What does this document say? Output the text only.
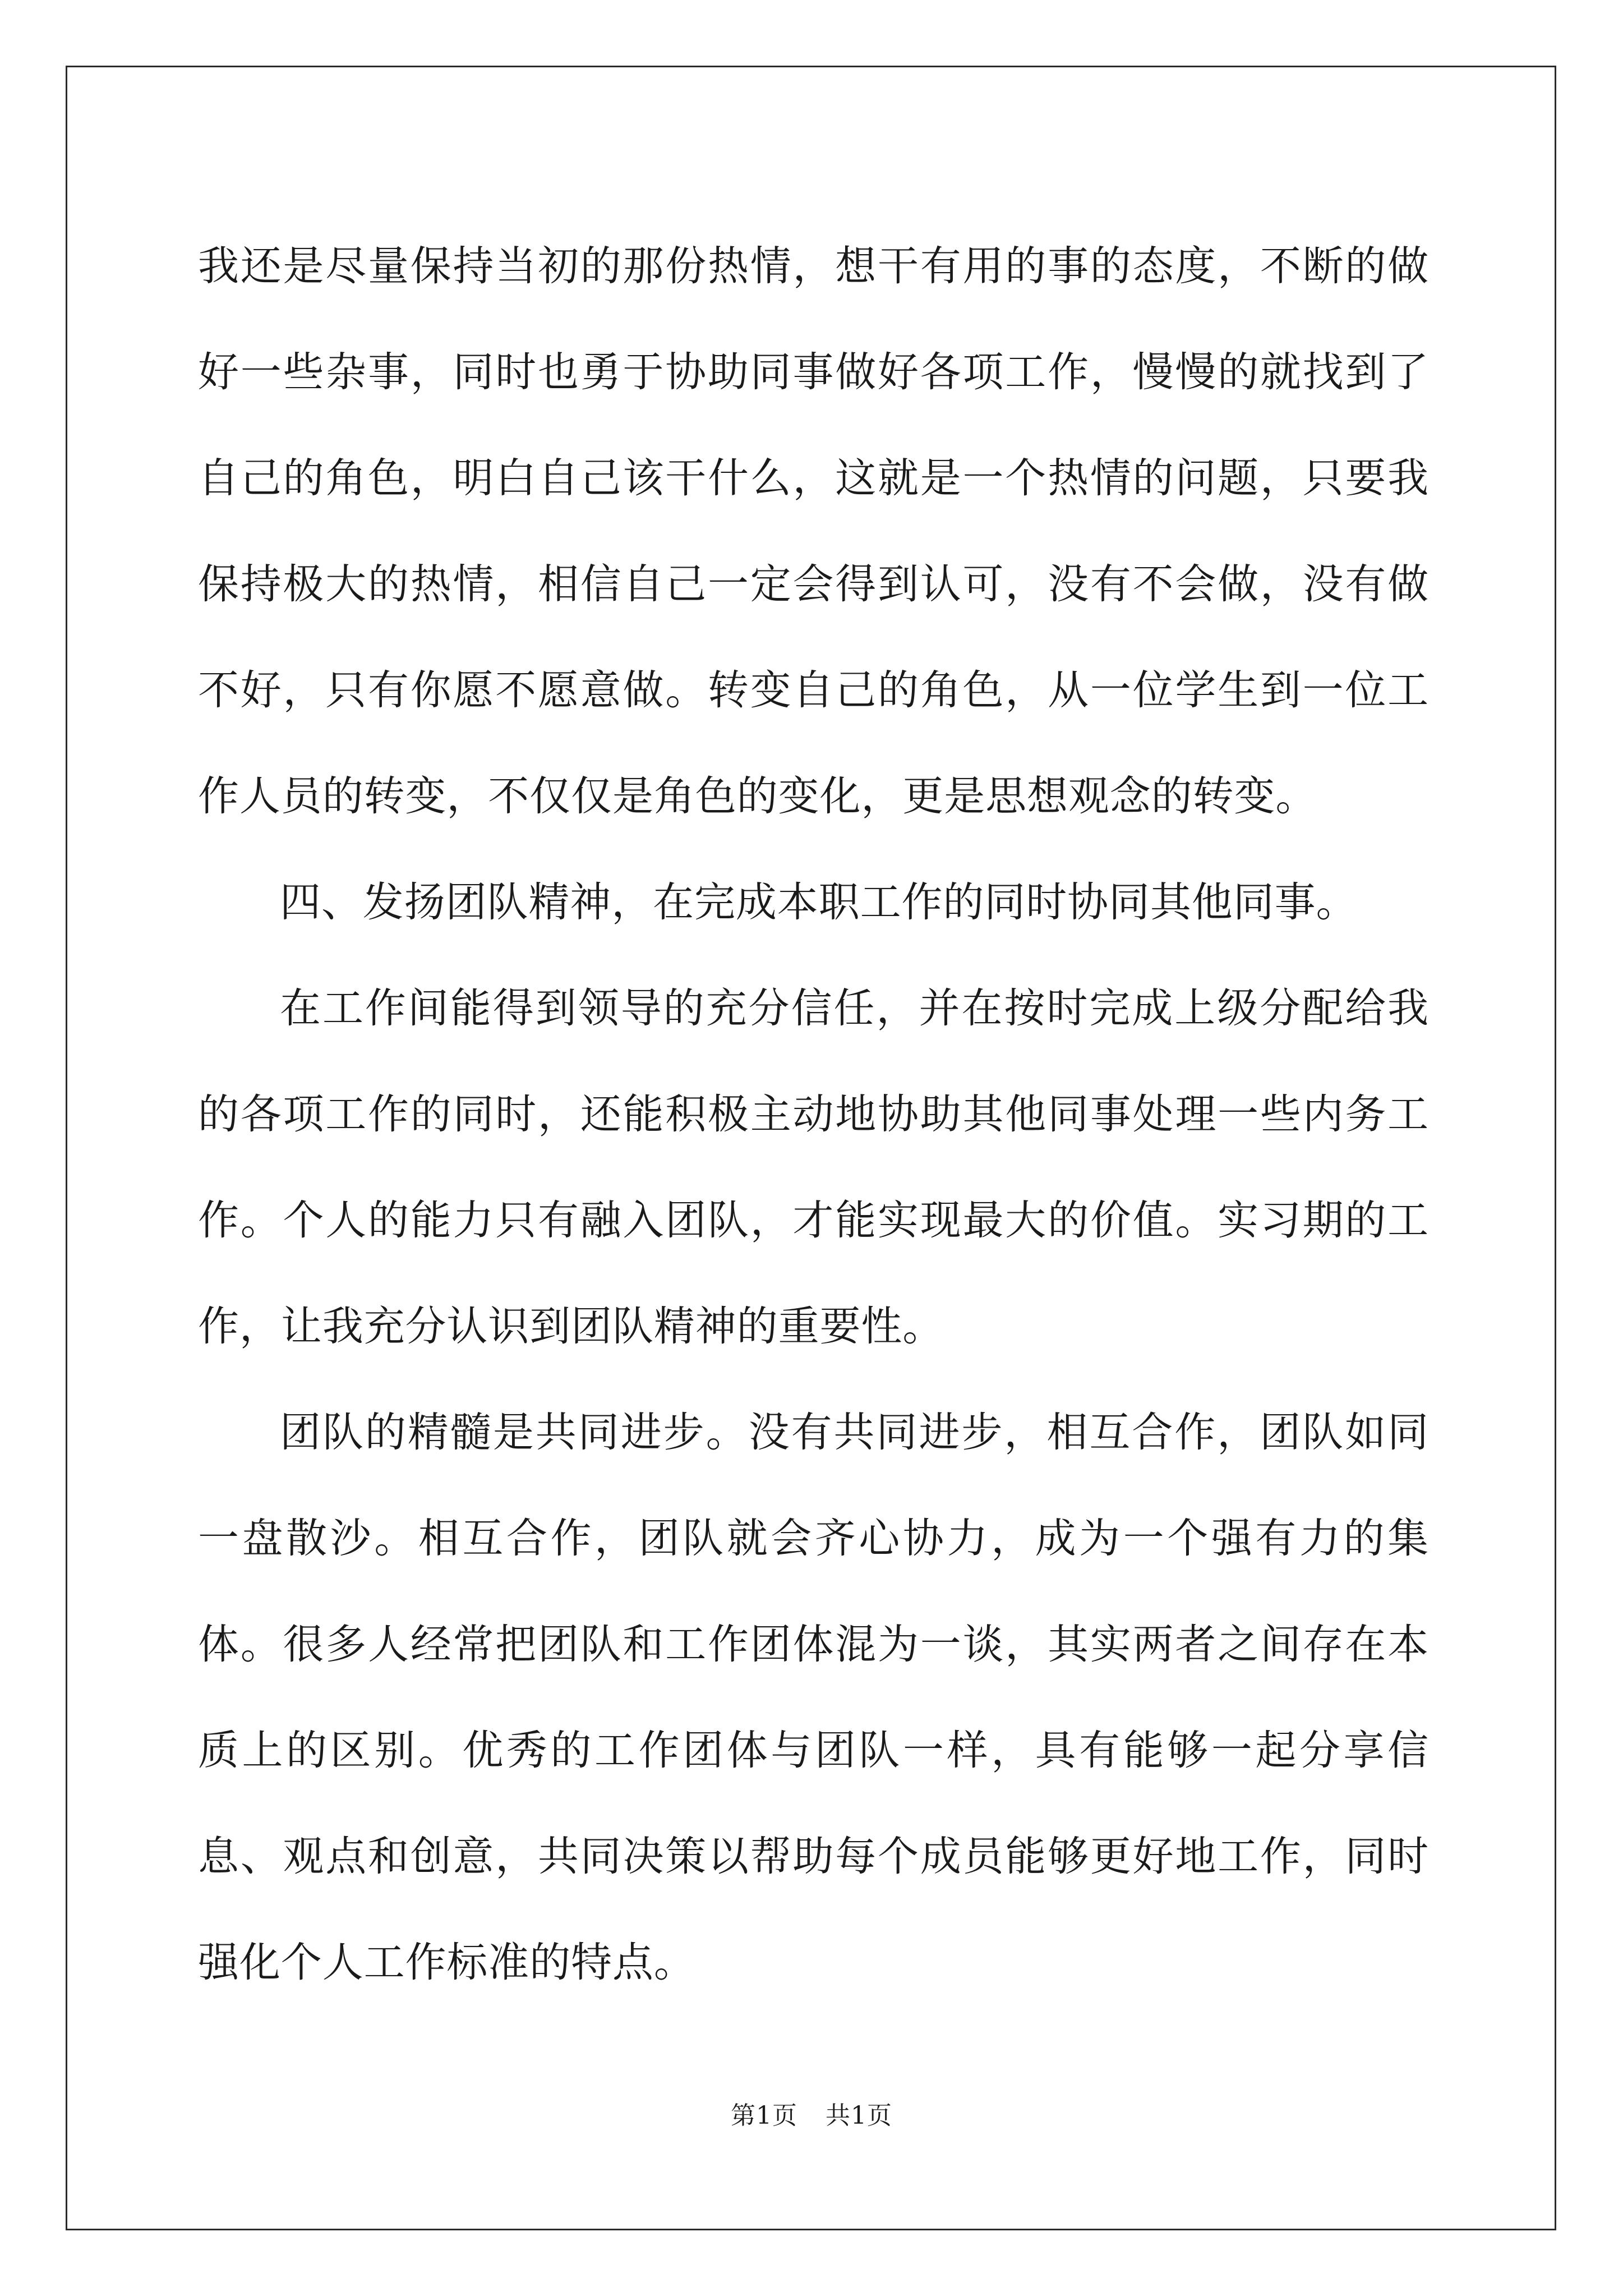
我还是尽量保持当初的那份热情，想干有用的事的态度，不断的做好一些杂事，同时也勇于协助同事做好各项工作，慢慢的就找到了自己的角色，明白自己该干什么，这就是一个热情的问题，只要我保持极大的热情，相信自己一定会得到认可，没有不会做，没有做不好，只有你愿不愿意做。转变自己的角色，从一位学生到一位工作人员的转变，不仅仅是角色的变化，更是思想观念的转变。

四、发扬团队精神，在完成本职工作的同时协同其他同事。

在工作间能得到领导的充分信任，并在按时完成上级分配给我的各项工作的同时，还能积极主动地协助其他同事处理一些内务工作。个人的能力只有融入团队，才能实现最大的价值。实习期的工作，让我充分认识到团队精神的重要性。

团队的精髓是共同进步。没有共同进步，相互合作，团队如同一盘散沙。相互合作，团队就会齐心协力，成为一个强有力的集体。很多人经常把团队和工作团体混为一谈，其实两者之间存在本质上的区别。优秀的工作团体与团队一样，具有能够一起分享信息、观点和创意，共同决策以帮助每个成员能够更好地工作，同时强化个人工作标准的特点。

第1页 共1页
